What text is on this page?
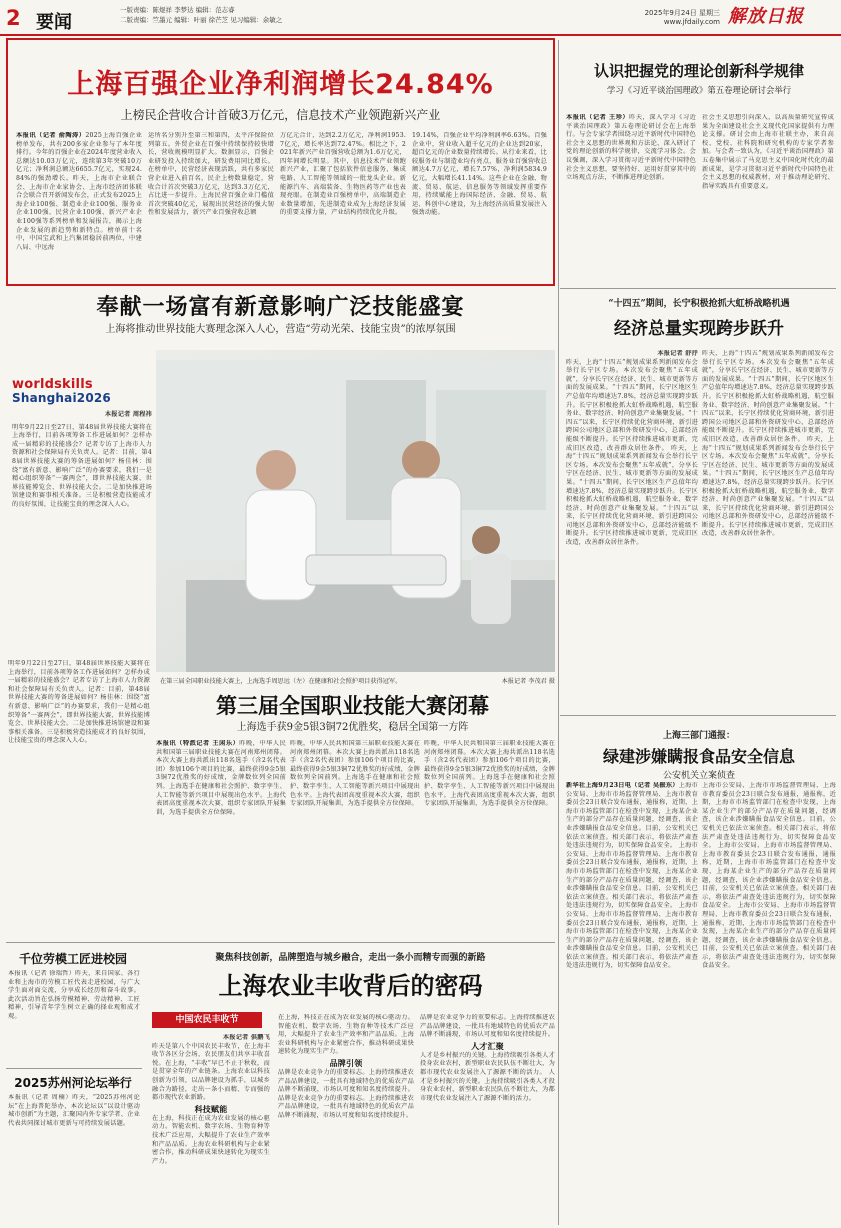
2 要闻
一版责编：陈煜祥 李梦达 编辑：范志睿
二版责编：竺墨元 编辑：叶丽 徐芒芝 见习编辑：余敏之
2025年9月24日 星期三
www.jfdaily.com 解放日报
上海百强企业净利润增长24.84%
上榜民企营收合计首破3万亿元，信息技术产业领跑新兴产业
本报讯（记者 俞陶涛）2025上海百强企业榜单发布，共有200多家企业参与了本年度排行。今年的百强企业在2024年度营业收入总额达10.03万亿元，连续第3年突破10万亿元；净利润总额达6655.7亿元，实现24.84%的强劲增长。昨天，上海市企业联合会、上海市企业家协会、上海市经济团体联合会联合召开新闻发布会，正式发布2025上海企业100强、制造业企业100强、服务业企业100强、民营企业100强、新兴产业企业100强等系列榜单和发展报告，揭示上海企业发展的新趋势和新特点。榜单前十名中，中国宝武和上汽集团稳居前两位，中建八局、中远海
运所名分别升至第三和第四，太平洋保险位列第五。外贸企业在百强中持续保持较快增长，营收规模明显扩大。数据显示，百强企业研发投入持续加大，研发费用同比增长。在榜单中，民营经济表现活跃，共有多家民营企业进入前百名，民企上榜数量稳定，营收合计首次突破3万亿元，达到3.3万亿元，占比进一步提升。上海民营百强企业门槛值首次突破40亿元，展现出民营经济的强大韧性和发展活力，新兴产业百强营收总额
万亿元合计，达到2.2万亿元，净利润1953.7亿元，增长率达到72.47%。相比之下，2021年新兴产业百强营收总额为1.6万亿元，四年间增长明显。其中，信息技术产业领跑新兴产业，汇聚了包括软件信息服务、集成电路、人工智能等领域的一批龙头企业。新能源汽车、高端装备、生物医药等产业也表现亮眼。在制造业百强榜单中，高端制造企业数量增加，先进制造业成为上海经济发展的重要支撑力量，产业结构持续优化升级。
19.14%，百强企业平均净利润率6.63%。百强企业中，营业收入超千亿元的企业达到20家，超百亿元的企业数量持续增长。从行业来看，比较服务业与制造业均有亮点，服务业百强营收总额达4.7万亿元，增长7.57%，净利润5834.9亿元，大幅增长41.14%。这些企业在金融、物流、贸易、航运、信息服务等领域发挥重要作用，持续赋能上海国际经济、金融、贸易、航运、科创中心建设，为上海经济高质量发展注入强劲动能。
认识把握党的理论创新科学规律
学习《习近平谈治国理政》第五卷理论研讨会举行
本报讯（记者 王珍）昨天，深入学习《习近平谈治国理政》第五卷理论研讨会在上海举行。与会专家学者围绕习近平新时代中国特色社会主义思想的世界观和方法论，深入研讨了党的理论创新的科学规律，交流学习体会。会议强调，深入学习贯彻习近平新时代中国特色社会主义思想，要坚持好、运用好贯穿其中的立场观点方法，不断推进理论创新。
社会主义思想引向深入，以高质量研究宣传成果为全面建设社会主义现代化国家提供有力理论支撑。研讨会由上海市社联主办，来自高校、党校、社科院和研究机构的专家学者参加。与会者一致认为，《习近平谈治国理政》第五卷集中展示了马克思主义中国化时代化的最新成果，是学习贯彻习近平新时代中国特色社会主义思想的权威教材，对于推动理论研究、指导实践具有重要意义。
奉献一场富有新意影响广泛技能盛宴
上海将推动世界技能大赛理念深入人心，营造“劳动光荣、技能宝贵”的浓厚氛围
worldskills
Shanghai2026
本报记者 周程祎
明年9月22日至27日，第48届世界技能大赛将在上海举行，目前各项筹备工作进展如何？怎样办成一届精彩的技能盛会？记者专访了上海市人力资源和社会保障局有关负责人。记者：目前，第48届世界技能大赛的筹备进展如何？杨佳林：围绕“富有新意、影响广泛”的办赛要求，我们一是精心组织筹备“一赛两会”，即世界技能大赛、世界技能博览会、世界技能大会。二是加快推进场馆建设和赛事相关准备。三是积极营造技能成才的良好氛围，让技能宝贵的理念深入人心。
在第三届全国职业技能大赛上，上海选手周思远（左）在健康和社会照护项目获得冠军。	本报记者 李茂君 摄
第三届全国职业技能大赛闭幕
上海选手获9金5银3铜72优胜奖，稳居全国第一方阵
明年9月22日至27日，第48届世界技能大赛将在上海举行，目前各项筹备工作进展如何？怎样办成一届精彩的技能盛会？记者专访了上海市人力资源和社会保障局有关负责人。记者：目前，第48届世界技能大赛的筹备进展如何？杨佳林：围绕“富有新意、影响广泛”的办赛要求，我们一是精心组织筹备“一赛两会”，即世界技能大赛、世界技能博览会、世界技能大会。二是加快推进场馆建设和赛事相关准备。三是积极营造技能成才的良好氛围，让技能宝贵的理念深入人心。	本报讯（特派记者 王闲乐）昨晚，中华人民共和国第三届职业技能大赛在河南郑州闭幕。本次大赛上海共派出118名选手（含2名代表团）参加106个项目的比赛，最终获得9金5银3铜72优胜奖的好成绩，金牌数位列全国前列。上海选手在健康和社会照护、数字孪生、人工智能等新兴项目中展现出色水平。上海代表团高度重视本次大赛，组织专家团队开展集训，为选手提供全方位保障。
昨晚，中华人民共和国第三届职业技能大赛在河南郑州闭幕。本次大赛上海共派出118名选手（含2名代表团）参加106个项目的比赛，最终获得9金5银3铜72优胜奖的好成绩，金牌数位列全国前列。上海选手在健康和社会照护、数字孪生、人工智能等新兴项目中展现出色水平。上海代表团高度重视本次大赛，组织专家团队开展集训，为选手提供全方位保障。
昨晚，中华人民共和国第三届职业技能大赛在河南郑州闭幕。本次大赛上海共派出118名选手（含2名代表团）参加106个项目的比赛，最终获得9金5银3铜72优胜奖的好成绩，金牌数位列全国前列。上海选手在健康和社会照护、数字孪生、人工智能等新兴项目中展现出色水平。上海代表团高度重视本次大赛，组织专家团队开展集训，为选手提供全方位保障。
“十四五”期间，长宁积极抢抓大虹桥战略机遇
经济总量实现跨步跃升
本报记者 舒抒
昨天，上海“十四五”规划成果系列新闻发布会举行长宁区专场。本次发布会聚焦“五年成就”，分享长宁区在经济、民生、城市更新等方面的发展成果。“十四五”期间，长宁区地区生产总值年均增速达7.8%，经济总量实现跨步跃升。长宁区积极抢抓大虹桥战略机遇，航空服务业、数字经济、时尚创意产业集聚发展。“十四五”以来，长宁区持续优化营商环境，新引进跨国公司地区总部和外资研发中心，总部经济能级不断提升。长宁区持续推进城市更新，完成旧区改造，改善群众居住条件。 昨天，上海“十四五”规划成果系列新闻发布会举行长宁区专场。本次发布会聚焦“五年成就”，分享长宁区在经济、民生、城市更新等方面的发展成果。“十四五”期间，长宁区地区生产总值年均增速达7.8%，经济总量实现跨步跃升。长宁区积极抢抓大虹桥战略机遇，航空服务业、数字经济、时尚创意产业集聚发展。“十四五”以来，长宁区持续优化营商环境，新引进跨国公司地区总部和外资研发中心，总部经济能级不断提升。长宁区持续推进城市更新，完成旧区改造，改善群众居住条件。
昨天，上海“十四五”规划成果系列新闻发布会举行长宁区专场。本次发布会聚焦“五年成就”，分享长宁区在经济、民生、城市更新等方面的发展成果。“十四五”期间，长宁区地区生产总值年均增速达7.8%，经济总量实现跨步跃升。长宁区积极抢抓大虹桥战略机遇，航空服务业、数字经济、时尚创意产业集聚发展。“十四五”以来，长宁区持续优化营商环境，新引进跨国公司地区总部和外资研发中心，总部经济能级不断提升。长宁区持续推进城市更新，完成旧区改造，改善群众居住条件。 昨天，上海“十四五”规划成果系列新闻发布会举行长宁区专场。本次发布会聚焦“五年成就”，分享长宁区在经济、民生、城市更新等方面的发展成果。“十四五”期间，长宁区地区生产总值年均增速达7.8%，经济总量实现跨步跃升。长宁区积极抢抓大虹桥战略机遇，航空服务业、数字经济、时尚创意产业集聚发展。“十四五”以来，长宁区持续优化营商环境，新引进跨国公司地区总部和外资研发中心，总部经济能级不断提升。长宁区持续推进城市更新，完成旧区改造，改善群众居住条件。
上海三部门通报：
绿建涉嫌瞒报食品安全信息
公安机关立案侦查
新华社上海9月23日电（记者 吴振东）上海市公安局、上海市市场监督管理局、上海市教育委员会23日联合发布通报，通报称，近期，上海市市场监管部门在检查中发现，上海某企业生产的部分产品存在质量问题，经调查，该企业涉嫌瞒报食品安全信息。目前，公安机关已依法立案侦查。相关部门表示，将依法严肃查处违法违规行为，切实保障食品安全。 上海市公安局、上海市市场监督管理局、上海市教育委员会23日联合发布通报，通报称，近期，上海市市场监管部门在检查中发现，上海某企业生产的部分产品存在质量问题，经调查，该企业涉嫌瞒报食品安全信息。目前，公安机关已依法立案侦查。相关部门表示，将依法严肃查处违法违规行为，切实保障食品安全。 上海市公安局、上海市市场监督管理局、上海市教育委员会23日联合发布通报，通报称，近期，上海市市场监管部门在检查中发现，上海某企业生产的部分产品存在质量问题，经调查，该企业涉嫌瞒报食品安全信息。目前，公安机关已依法立案侦查。相关部门表示，将依法严肃查处违法违规行为，切实保障食品安全。
上海市公安局、上海市市场监督管理局、上海市教育委员会23日联合发布通报，通报称，近期，上海市市场监管部门在检查中发现，上海某企业生产的部分产品存在质量问题，经调查，该企业涉嫌瞒报食品安全信息。目前，公安机关已依法立案侦查。相关部门表示，将依法严肃查处违法违规行为，切实保障食品安全。 上海市公安局、上海市市场监督管理局、上海市教育委员会23日联合发布通报，通报称，近期，上海市市场监管部门在检查中发现，上海某企业生产的部分产品存在质量问题，经调查，该企业涉嫌瞒报食品安全信息。目前，公安机关已依法立案侦查。相关部门表示，将依法严肃查处违法违规行为，切实保障食品安全。 上海市公安局、上海市市场监督管理局、上海市教育委员会23日联合发布通报，通报称，近期，上海市市场监管部门在检查中发现，上海某企业生产的部分产品存在质量问题，经调查，该企业涉嫌瞒报食品安全信息。目前，公安机关已依法立案侦查。相关部门表示，将依法严肃查处违法违规行为，切实保障食品安全。
千位劳模工匠进校园
本报讯（记者 徐瑞哲）昨天，来自国家、各行业和上海市的劳模工匠代表走进校园，与广大学生面对面交流，分享成长经历和奋斗故事。此次活动旨在弘扬劳模精神、劳动精神、工匠精神，引导青年学生树立正确的择业观和成才观。
2025苏州河论坛举行
本报讯（记者 周楠）昨天，“2025苏州河论坛”在上海普陀举办，本次论坛以“以设计驱动城市创新”为主题，汇聚国内外专家学者、企业代表共同探讨城市更新与可持续发展话题。
聚焦科技创新，品牌塑造与城乡融合，走出一条小而精专而强的新路
上海农业丰收背后的密码
中国农民丰收节
本报记者 俱鹏飞
昨天是第八个中国农民丰收节，在上海丰收节各区分会场，农民朋友们共享丰收喜悦。在上海，“丰收”早已不止于秋收，而是贯穿全年的产业链条。上海农业以科技创新为引领，以品牌建设为抓手，以城乡融合为路径，走出一条小而精、专而强的都市现代农业新路。
科技赋能
在上海，科技正在成为农业发展的核心驱动力。智能农机、数字农场、生物育种等技术广泛应用，大幅提升了农业生产效率和产品品质。上海农业科研机构与企业紧密合作，推动科研成果快速转化为现实生产力。
在上海，科技正在成为农业发展的核心驱动力。智能农机、数字农场、生物育种等技术广泛应用，大幅提升了农业生产效率和产品品质。上海农业科研机构与企业紧密合作，推动科研成果快速转化为现实生产力。
品牌引领
品牌是农业竞争力的重要标志。上海持续推进农产品品牌建设，一批具有地域特色的优质农产品品牌不断涌现，市场认可度和知名度持续提升。 品牌是农业竞争力的重要标志。上海持续推进农产品品牌建设，一批具有地域特色的优质农产品品牌不断涌现，市场认可度和知名度持续提升。
品牌是农业竞争力的重要标志。上海持续推进农产品品牌建设，一批具有地域特色的优质农产品品牌不断涌现，市场认可度和知名度持续提升。
人才汇聚
人才是乡村振兴的关键。上海持续吸引各类人才投身农业农村，新型职业农民队伍不断壮大，为都市现代农业发展注入了源源不断的活力。 人才是乡村振兴的关键。上海持续吸引各类人才投身农业农村，新型职业农民队伍不断壮大，为都市现代农业发展注入了源源不断的活力。
